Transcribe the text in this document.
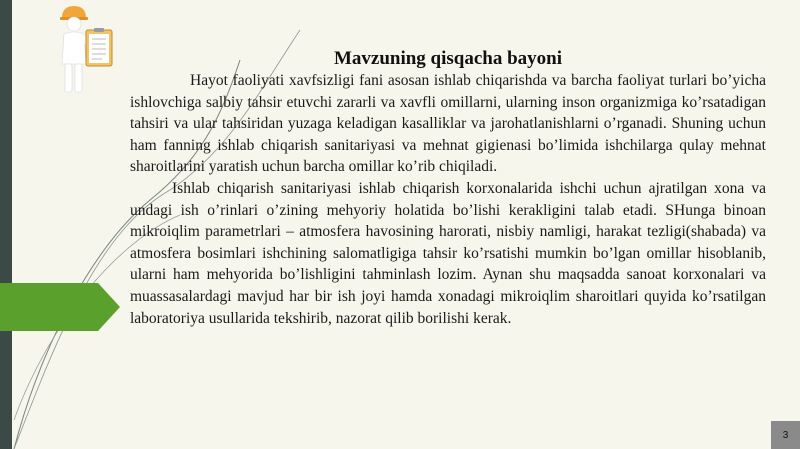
Mavzuning qisqacha bayoni

Hayot faoliyati xavfsizligi fani asosan ishlab chiqarishda va barcha faoliyat turlari bo’yicha ishlovchiga salbiy tahsir etuvchi zararli va xavfli omillarni, ularning inson organizmiga ko’rsatadigan tahsiri va ular tahsiridan yuzaga keladigan kasalliklar va jarohatlanishlarni o’rganadi. Shuning uchun ham fanning ishlab chiqarish sanitariyasi va mehnat gigienasi bo’limida ishchilarga qulay mehnat sharoitlarini yaratish uchun barcha omillar ko’rib chiqiladi.

Ishlab chiqarish sanitariyasi ishlab chiqarish korxonalarida ishchi uchun ajratilgan xona va undagi ish o’rinlari o’zining mehyoriy holatida bo’lishi kerakligini talab etadi. SHunga binoan mikroiqlim parametrlari – atmosfera havosining harorati, nisbiy namligi, harakat tezligi(shabada) va atmosfera bosimlari ishchining salomatligiga tahsir ko’rsatishi mumkin bo’lgan omillar hisoblanib, ularni ham mehyorida bo’lishligini tahminlash lozim. Aynan shu maqsadda sanoat korxonalari va muassasalardagi mavjud har bir ish joyi hamda xonadagi mikroiqlim sharoitlari quyida ko’rsatilgan laboratoriya usullarida tekshirib, nazorat qilib borilishi kerak.

3
